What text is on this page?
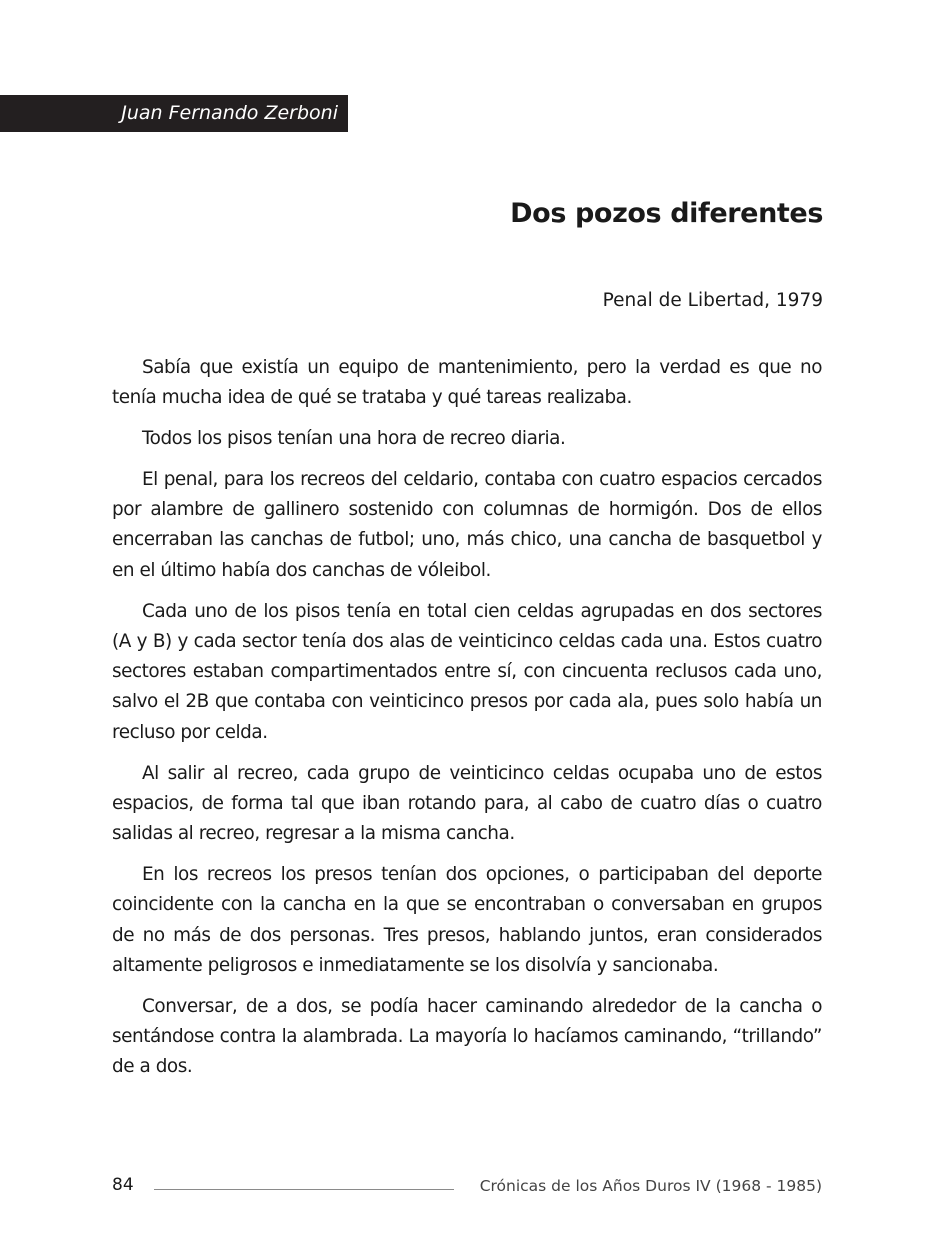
Juan Fernando Zerboni
Dos pozos diferentes
Penal de Libertad, 1979

Sabía que existía un equipo de mantenimiento, pero la verdad es que no tenía mucha idea de qué se trataba y qué tareas realizaba.

Todos los pisos tenían una hora de recreo diaria.

El penal, para los recreos del celdario, contaba con cuatro espacios cercados por alambre de gallinero sostenido con columnas de hormigón. Dos de ellos encerraban las canchas de futbol; uno, más chico, una cancha de basquetbol y en el último había dos canchas de vóleibol.

Cada uno de los pisos tenía en total cien celdas agrupadas en dos sectores (A y B) y cada sector tenía dos alas de veinticinco celdas cada una. Estos cuatro sectores estaban compartimentados entre sí, con cincuenta reclusos cada uno, salvo el 2B que contaba con veinticinco presos por cada ala, pues solo había un recluso por celda.

Al salir al recreo, cada grupo de veinticinco celdas ocupaba uno de estos espacios, de forma tal que iban rotando para, al cabo de cuatro días o cuatro salidas al recreo, regresar a la misma cancha.

En los recreos los presos tenían dos opciones, o participaban del deporte coincidente con la cancha en la que se encontraban o conversaban en grupos de no más de dos personas. Tres presos, hablando juntos, eran considerados altamente peligrosos e inmediatamente se los disolvía y sancionaba.

Conversar, de a dos, se podía hacer caminando alrededor de la cancha o sentándose contra la alambrada. La mayoría lo hacíamos caminando, “trillando” de a dos.

84	Crónicas de los Años Duros IV (1968 - 1985)
